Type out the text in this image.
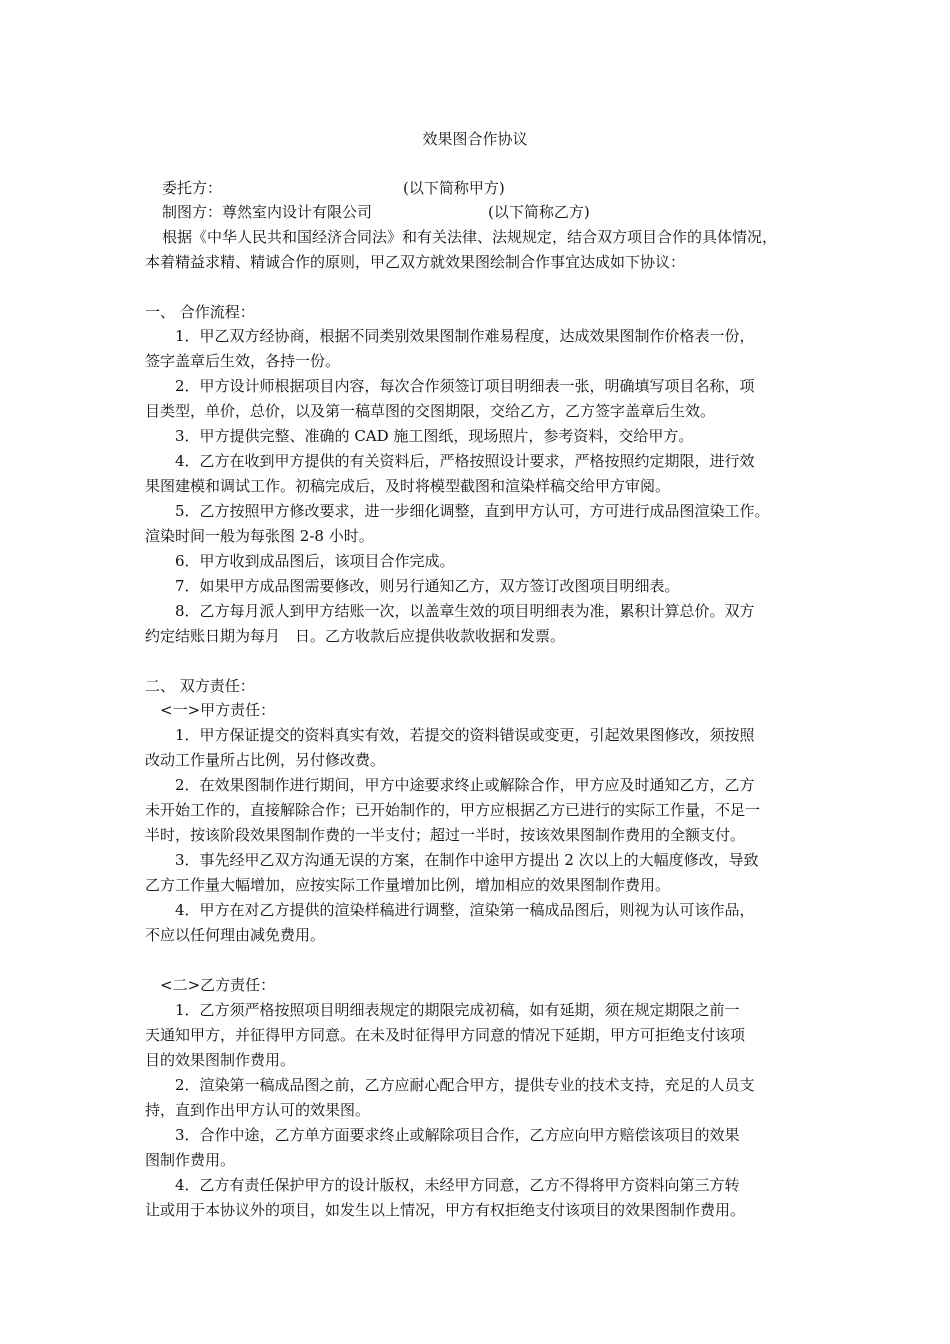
效果图合作协议
委托方：	(以下简称甲方)
制图方：尊然室内设计有限公司	(以下简称乙方)
根据《中华人民共和国经济合同法》和有关法律、法规规定，结合双方项目合作的具体情况，
本着精益求精、精诚合作的原则，甲乙双方就效果图绘制合作事宜达成如下协议：
一、 合作流程：
1．甲乙双方经协商，根据不同类别效果图制作难易程度，达成效果图制作价格表一份，
签字盖章后生效，各持一份。
2．甲方设计师根据项目内容，每次合作须签订项目明细表一张，明确填写项目名称，项
目类型，单价，总价，以及第一稿草图的交图期限，交给乙方，乙方签字盖章后生效。
3．甲方提供完整、准确的 CAD 施工图纸，现场照片，参考资料，交给甲方。
4．乙方在收到甲方提供的有关资料后，严格按照设计要求，严格按照约定期限，进行效
果图建模和调试工作。初稿完成后，及时将模型截图和渲染样稿交给甲方审阅。
5．乙方按照甲方修改要求，进一步细化调整，直到甲方认可，方可进行成品图渲染工作。
渲染时间一般为每张图 2-8 小时。
6．甲方收到成品图后，该项目合作完成。
7．如果甲方成品图需要修改，则另行通知乙方，双方签订改图项目明细表。
8．乙方每月派人到甲方结账一次，以盖章生效的项目明细表为准，累积计算总价。双方
约定结账日期为每月　日。乙方收款后应提供收款收据和发票。
二、 双方责任：
<一>甲方责任：
1．甲方保证提交的资料真实有效，若提交的资料错误或变更，引起效果图修改，须按照
改动工作量所占比例，另付修改费。
2．在效果图制作进行期间，甲方中途要求终止或解除合作，甲方应及时通知乙方，乙方
未开始工作的，直接解除合作；已开始制作的，甲方应根据乙方已进行的实际工作量，不足一
半时，按该阶段效果图制作费的一半支付；超过一半时，按该效果图制作费用的全额支付。
3．事先经甲乙双方沟通无误的方案，在制作中途甲方提出 2 次以上的大幅度修改，导致
乙方工作量大幅增加，应按实际工作量增加比例，增加相应的效果图制作费用。
4．甲方在对乙方提供的渲染样稿进行调整，渲染第一稿成品图后，则视为认可该作品，
不应以任何理由减免费用。
<二>乙方责任：
1．乙方须严格按照项目明细表规定的期限完成初稿，如有延期，须在规定期限之前一
天通知甲方，并征得甲方同意。在未及时征得甲方同意的情况下延期，甲方可拒绝支付该项
目的效果图制作费用。
2．渲染第一稿成品图之前，乙方应耐心配合甲方，提供专业的技术支持，充足的人员支
持，直到作出甲方认可的效果图。
3．合作中途，乙方单方面要求终止或解除项目合作，乙方应向甲方赔偿该项目的效果
图制作费用。
4．乙方有责任保护甲方的设计版权，未经甲方同意，乙方不得将甲方资料向第三方转
让或用于本协议外的项目，如发生以上情况，甲方有权拒绝支付该项目的效果图制作费用。
